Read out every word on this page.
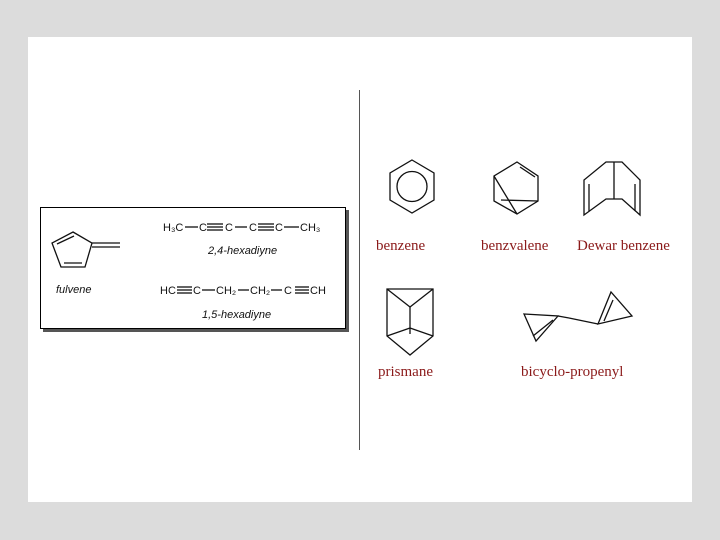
fulvene
H₃C C C C C CH₃
2,4-hexadiyne
HC C CH₂ CH₂ C CH
1,5-hexadiyne
benzene	benzvalene Dewar benzene
prismane	bicyclo-propenyl
